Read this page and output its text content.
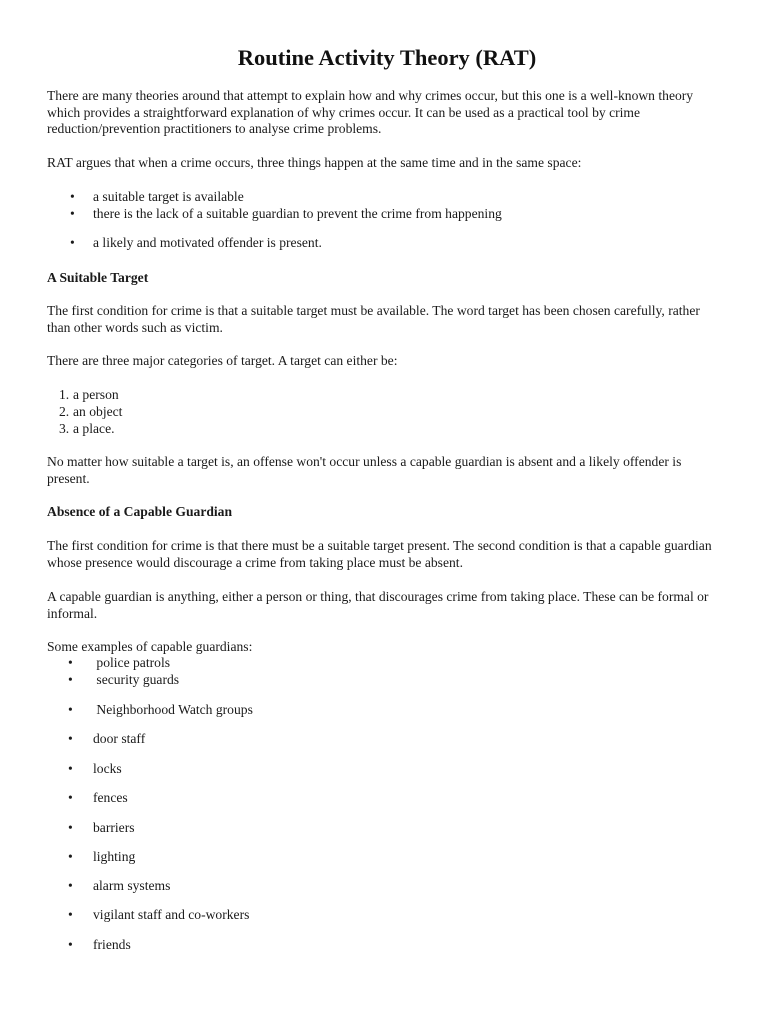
Routine Activity Theory (RAT)

There are many theories around that attempt to explain how and why crimes occur, but this one is a well-known theory which provides a straightforward explanation of why crimes occur. It can be used as a practical tool by crime reduction/prevention practitioners to analyse crime problems.

RAT argues that when a crime occurs, three things happen at the same time and in the same space:

• a suitable target is available
• there is the lack of a suitable guardian to prevent the crime from happening
• a likely and motivated offender is present.
A Suitable Target

The first condition for crime is that a suitable target must be available. The word target has been chosen carefully, rather than other words such as victim.

There are three major categories of target. A target can either be:

1. a person
2. an object
3. a place.

No matter how suitable a target is, an offense won't occur unless a capable guardian is absent and a likely offender is present.

Absence of a Capable Guardian

The first condition for crime is that there must be a suitable target present. The second condition is that a capable guardian whose presence would discourage a crime from taking place must be absent.

A capable guardian is anything, either a person or thing, that discourages crime from taking place. These can be formal or informal.

Some examples of capable guardians:

• police patrols
• security guards
• Neighborhood Watch groups
• door staff
• locks
• fences
• barriers
• lighting
• alarm systems
• vigilant staff and co-workers
• friends
